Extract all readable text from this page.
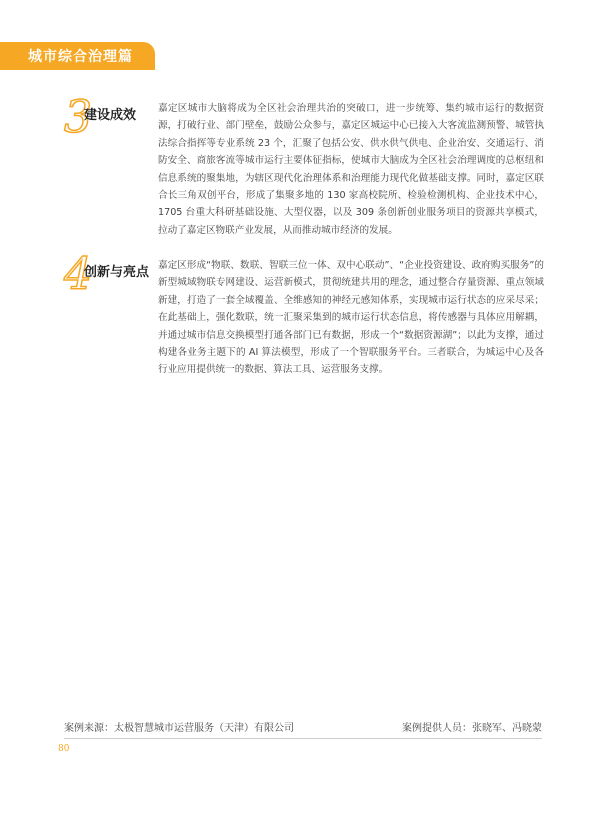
城市综合治理篇
3
建设成效 嘉定区城市大脑将成为全区社会治理共治的突破口，进一步统筹、集约城市运行的数据资源，打破行业、部门壁垒，鼓励公众参与，嘉定区城运中心已接入大客流监测预警、城管执法综合指挥等专业系统 23 个，汇聚了包括公安、供水供气供电、企业治安、交通运行、消防安全、商旅客流等城市运行主要体征指标，使城市大脑成为全区社会治理调度的总枢纽和信息系统的聚集地，为辖区现代化治理体系和治理能力现代化做基础支撑。同时，嘉定区联合长三角双创平台，形成了集聚多地的 130 家高校院所、检验检测机构、企业技术中心，1705 台重大科研基础设施、大型仪器，以及 309 条创新创业服务项目的资源共享模式，拉动了嘉定区物联产业发展，从而推动城市经济的发展。
4
创新与亮点 嘉定区形成“物联、数联、智联三位一体、双中心联动”、“企业投资建设、政府购买服务”的新型城域物联专网建设、运营新模式，贯彻统建共用的理念，通过整合存量资源、重点领域新建，打造了一套全域覆盖、全维感知的神经元感知体系，实现城市运行状态的应采尽采；在此基础上，强化数联，统一汇聚采集到的城市运行状态信息，将传感器与具体应用解耦，并通过城市信息交换模型打通各部门已有数据，形成一个“数据资源湖”；以此为支撑，通过构建各业务主题下的 AI 算法模型，形成了一个智联服务平台。三者联合，为城运中心及各行业应用提供统一的数据、算法工具、运营服务支撑。
案例来源：太极智慧城市运营服务（天津）有限公司	案例提供人员：张晓军、冯晓蒙
80
